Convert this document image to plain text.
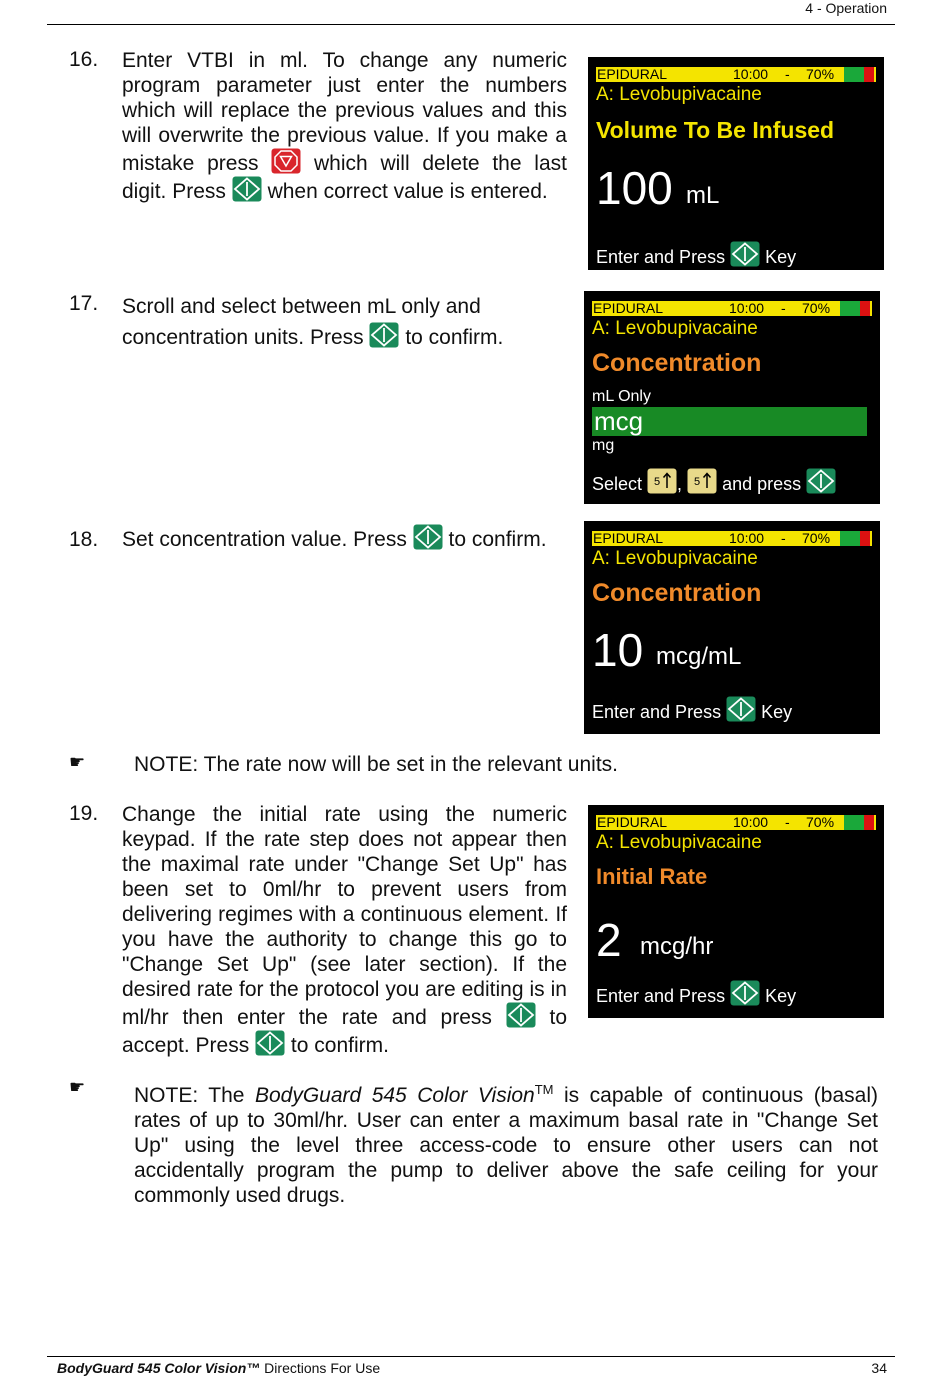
4 - Operation
16. Enter VTBI in ml. To change any numeric program parameter just enter the numbers which will replace the previous values and this will overwrite the previous value. If you make a mistake press	which will delete the last digit. Press when correct value is entered.
EPIDURAL	10:00 - 70%
A: Levobupivacaine
Volume To Be Infused
100 mL
Enter and Press Key
17. Scroll and select between mL only and concentration units. Press to confirm.
EPIDURAL	10:00 - 70%
A: Levobupivacaine
Concentration
mL Only
mcg
mg
Select 5 , 5 and press
18. Set concentration value. Press to confirm.	EPIDURAL	10:00 - 70%
A: Levobupivacaine
Concentration
10 mcg/mL
Enter and Press Key
☛ NOTE: The rate now will be set in the relevant units.
19. Change the initial rate using the numeric keypad. If the rate step does not appear then the maximal rate under "Change Set Up" has been set to 0ml/hr to prevent users from delivering regimes with a continuous element. If you have the authority to change this go to "Change Set Up" (see later section). If the desired rate for the protocol you are editing is in ml/hr then enter the rate and press	to accept. Press to confirm.
EPIDURAL	10:00 - 70%
A: Levobupivacaine
Initial Rate
2 mcg/hr
Enter and Press Key
☛ NOTE: The BodyGuard 545 Color Vision™ is capable of continuous (basal) rates of up to 30ml/hr. User can enter a maximum basal rate in "Change Set Up" using the level three access-code to ensure other users can not accidentally program the pump to deliver above the safe ceiling for your commonly used drugs.
BodyGuard 545 Color Vision™ Directions For Use	34
